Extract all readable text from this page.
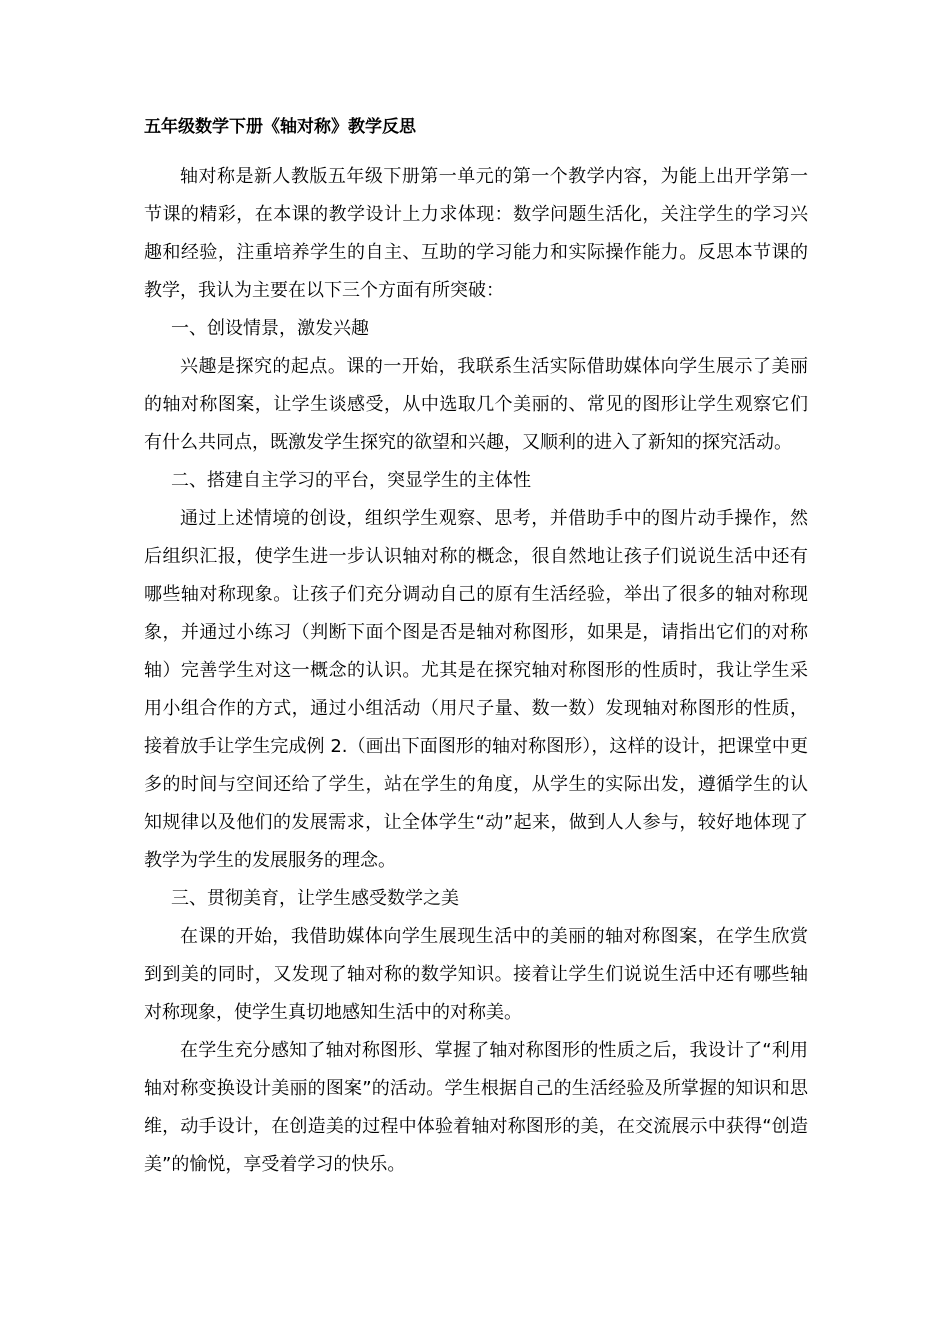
五年级数学下册《轴对称》教学反思

轴对称是新人教版五年级下册第一单元的第一个教学内容，为能上出开学第一节课的精彩，在本课的教学设计上力求体现：数学问题生活化，关注学生的学习兴趣和经验，注重培养学生的自主、互助的学习能力和实际操作能力。反思本节课的教学，我认为主要在以下三个方面有所突破：

一、创设情景，激发兴趣

兴趣是探究的起点。课的一开始，我联系生活实际借助媒体向学生展示了美丽的轴对称图案，让学生谈感受，从中选取几个美丽的、常见的图形让学生观察它们有什么共同点，既激发学生探究的欲望和兴趣，又顺利的进入了新知的探究活动。

二、搭建自主学习的平台，突显学生的主体性

通过上述情境的创设，组织学生观察、思考，并借助手中的图片动手操作，然后组织汇报，使学生进一步认识轴对称的概念，很自然地让孩子们说说生活中还有哪些轴对称现象。让孩子们充分调动自己的原有生活经验，举出了很多的轴对称现象，并通过小练习（判断下面个图是否是轴对称图形，如果是，请指出它们的对称轴）完善学生对这一概念的认识。尤其是在探究轴对称图形的性质时，我让学生采用小组合作的方式，通过小组活动（用尺子量、数一数）发现轴对称图形的性质，接着放手让学生完成例 2.（画出下面图形的轴对称图形），这样的设计，把课堂中更多的时间与空间还给了学生，站在学生的角度，从学生的实际出发，遵循学生的认知规律以及他们的发展需求，让全体学生“动”起来，做到人人参与，较好地体现了教学为学生的发展服务的理念。

三、贯彻美育，让学生感受数学之美

在课的开始，我借助媒体向学生展现生活中的美丽的轴对称图案，在学生欣赏到到美的同时，又发现了轴对称的数学知识。接着让学生们说说生活中还有哪些轴对称现象，使学生真切地感知生活中的对称美。

在学生充分感知了轴对称图形、掌握了轴对称图形的性质之后，我设计了“利用轴对称变换设计美丽的图案”的活动。学生根据自己的生活经验及所掌握的知识和思维，动手设计，在创造美的过程中体验着轴对称图形的美，在交流展示中获得“创造美”的愉悦，享受着学习的快乐。
